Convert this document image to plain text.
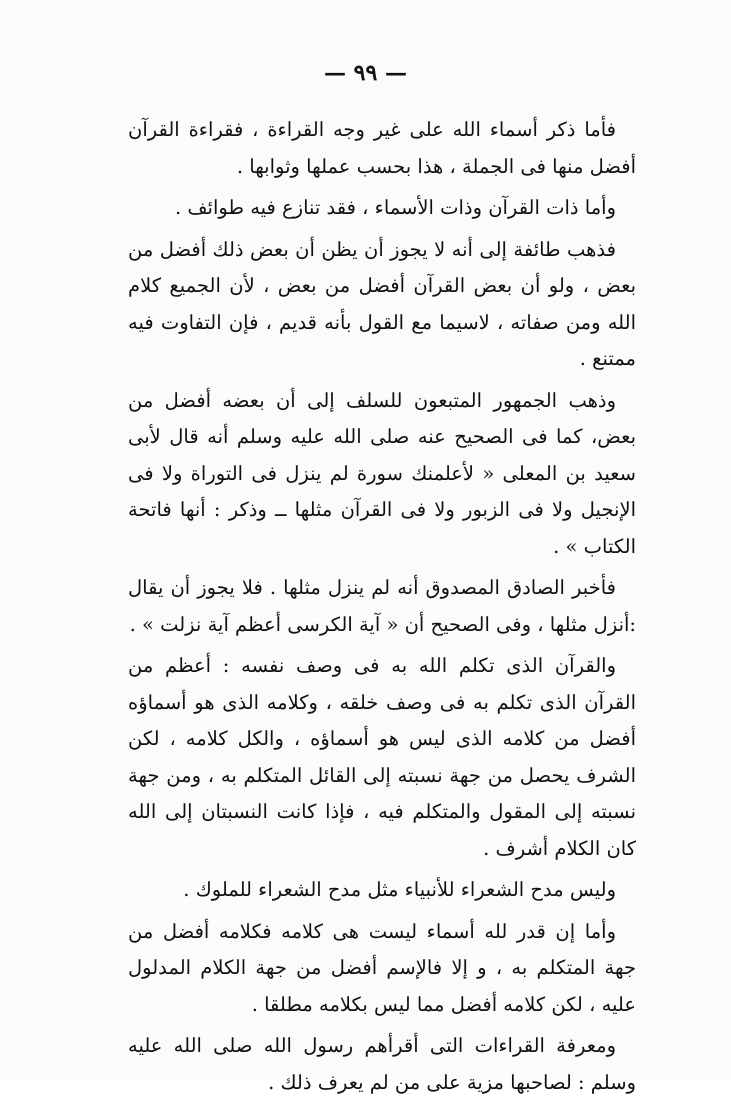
— ٩٩ —

فأما ذكر أسماء الله على غير وجه القراءة ، فقراءة القرآن أفضل منها فى الجملة ، هذا بحسب عملها وثوابها .

وأما ذات القرآن وذات الأسماء ، فقد تنازع فيه طوائف .

فذهب طائفة إلى أنه لا يجوز أن يظن أن بعض ذلك أفضل من بعض ، ولو أن بعض القرآن أفضل من بعض ، لأن الجميع كلام الله ومن صفاته ، لاسيما مع القول بأنه قديم ، فإن التفاوت فيه ممتنع .

وذهب الجمهور المتبعون للسلف إلى أن بعضه أفضل من بعض، كما فى الصحيح عنه صلى الله عليه وسلم أنه قال لأبى سعيد بن المعلى « لأعلمنك سورة لم ينزل فى التوراة ولا فى الإنجيل ولا فى الزبور ولا فى القرآن مثلها ــ وذكر : أنها فاتحة الكتاب » .

فأخبر الصادق المصدوق أنه لم ينزل مثلها . فلا يجوز أن يقال :أنزل مثلها ، وفى الصحيح أن « آية الكرسى أعظم آية نزلت » .

والقرآن الذى تكلم الله به فى وصف نفسه : أعظم من القرآن الذى تكلم به فى وصف خلقه ، وكلامه الذى هو أسماؤه أفضل من كلامه الذى ليس هو أسماؤه ، والكل كلامه ، لكن الشرف يحصل من جهة نسبته إلى القائل المتكلم به ، ومن جهة نسبته إلى المقول والمتكلم فيه ، فإذا كانت النسبتان إلى الله كان الكلام أشرف .

وليس مدح الشعراء للأنبياء مثل مدح الشعراء للملوك .

وأما إن قدر لله أسماء ليست هى كلامه فكلامه أفضل من جهة المتكلم به ، و إلا فالإسم أفضل من جهة الكلام المدلول عليه ، لكن كلامه أفضل مما ليس بكلامه مطلقا .

ومعرفة القراءات التى أقرأهم رسول الله صلى الله عليه وسلم : لصاحبها مزية على من لم يعرف ذلك .
